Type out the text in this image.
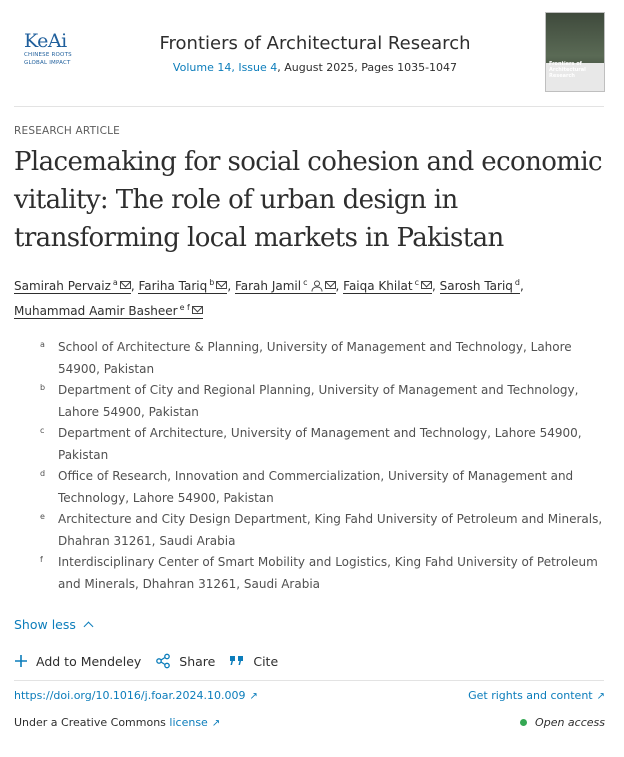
KeAi
CHINESE ROOTS
GLOBAL IMPACT
Frontiers of Architectural Research
Volume 14, Issue 4, August 2025, Pages 1035-1047	Frontiers of Architectural Research
RESEARCH ARTICLE
Placemaking for social cohesion and economic vitality: The role of urban design in transforming local markets in Pakistan
Samirah Pervaiz $^a$ , Fariha Tariq $^b$ , Farah Jamil $^c$ , Faiqa Khilat $^c$ , Sarosh Tariq $^d$, Muhammad Aamir Basheer $^{e f}$
a School of Architecture & Planning, University of Management and Technology, Lahore 54900, Pakistan
b Department of City and Regional Planning, University of Management and Technology, Lahore 54900, Pakistan
c Department of Architecture, University of Management and Technology, Lahore 54900, Pakistan
d Office of Research, Innovation and Commercialization, University of Management and Technology, Lahore 54900, Pakistan
e Architecture and City Design Department, King Fahd University of Petroleum and Minerals, Dhahran 31261, Saudi Arabia
f Interdisciplinary Center of Smart Mobility and Logistics, King Fahd University of Petroleum and Minerals, Dhahran 31261, Saudi Arabia
Show less
Add to Mendeley	Share	Cite
https://doi.org/10.1016/j.foar.2024.10.009 ↗	Get rights and content ↗
Under a Creative Commons license ↗	Open access
